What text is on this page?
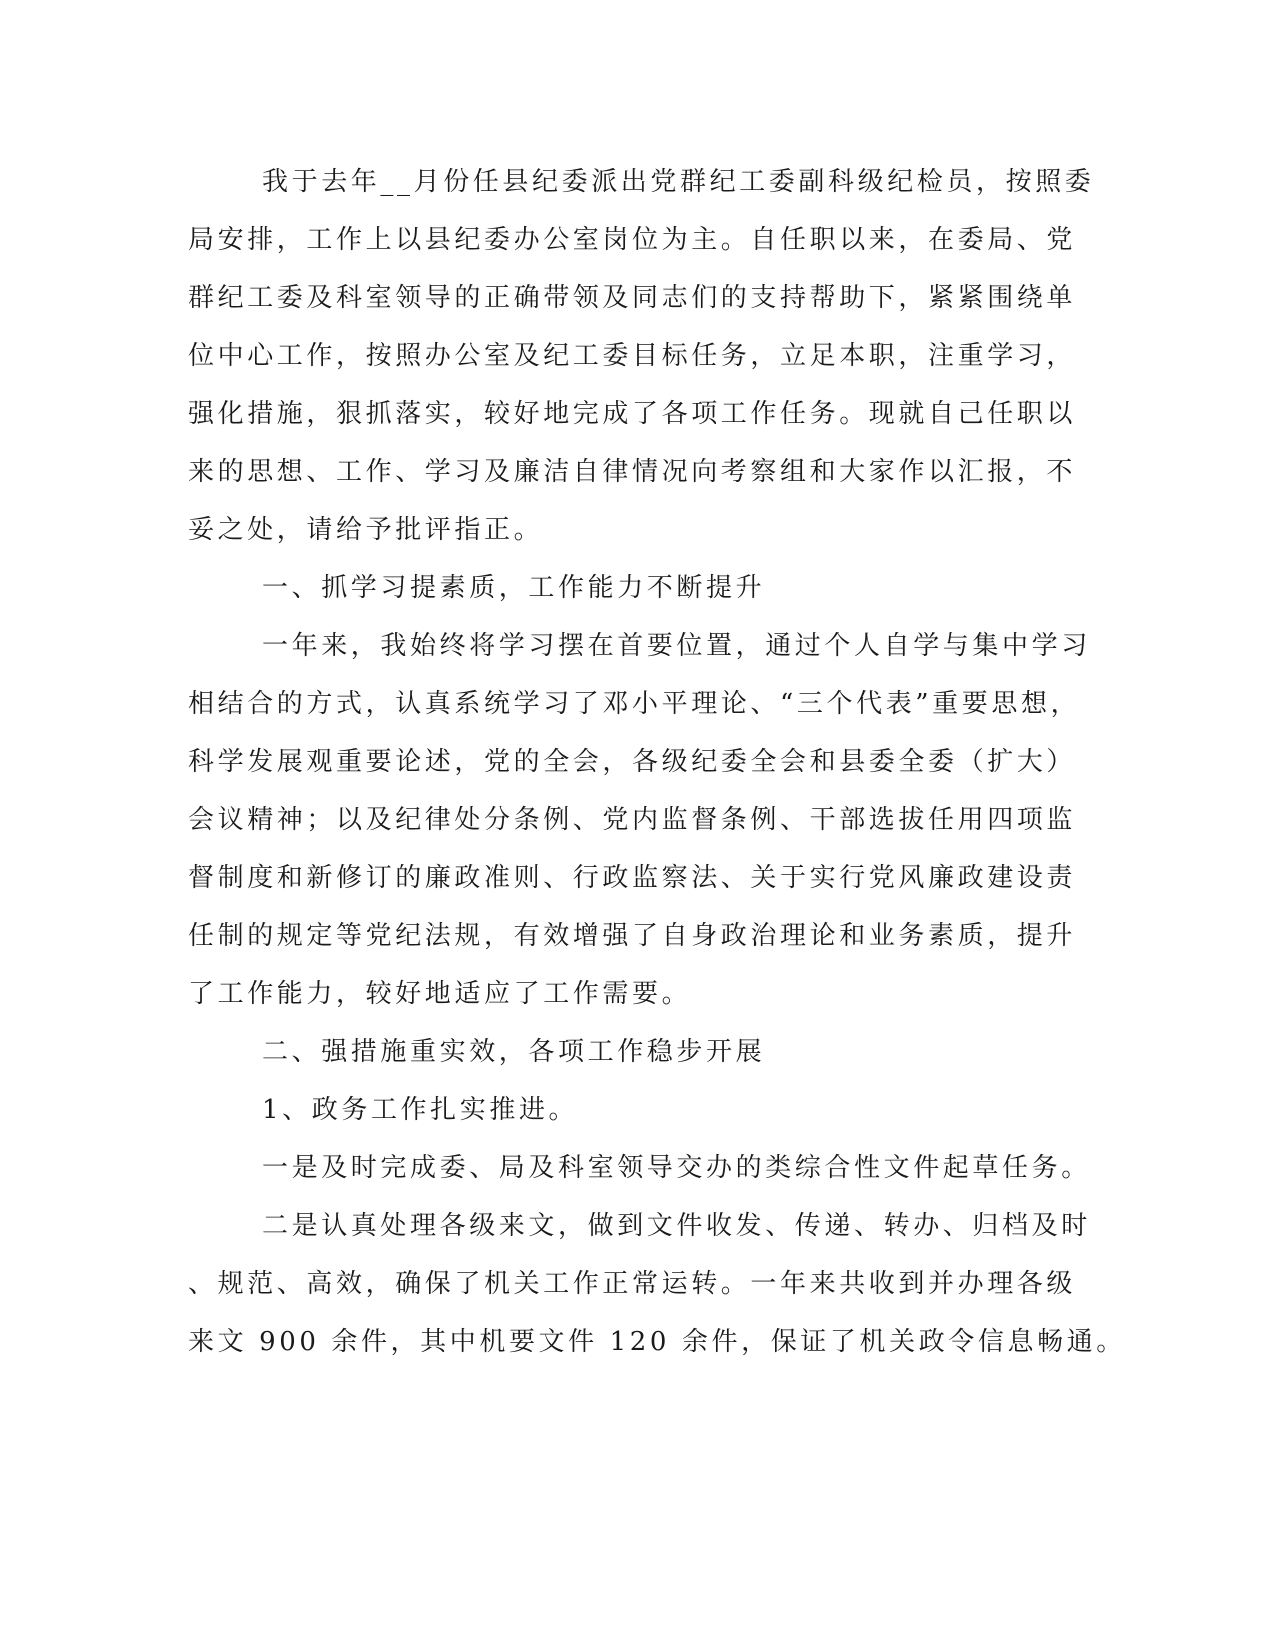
我于去年__月份任县纪委派出党群纪工委副科级纪检员，按照委
局安排，工作上以县纪委办公室岗位为主。自任职以来，在委局、党
群纪工委及科室领导的正确带领及同志们的支持帮助下，紧紧围绕单
位中心工作，按照办公室及纪工委目标任务，立足本职，注重学习，
强化措施，狠抓落实，较好地完成了各项工作任务。现就自己任职以
来的思想、工作、学习及廉洁自律情况向考察组和大家作以汇报，不
妥之处，请给予批评指正。
一、抓学习提素质，工作能力不断提升
一年来，我始终将学习摆在首要位置，通过个人自学与集中学习
相结合的方式，认真系统学习了邓小平理论、“三个代表”重要思想，
科学发展观重要论述，党的全会，各级纪委全会和县委全委（扩大）
会议精神；以及纪律处分条例、党内监督条例、干部选拔任用四项监
督制度和新修订的廉政准则、行政监察法、关于实行党风廉政建设责
任制的规定等党纪法规，有效增强了自身政治理论和业务素质，提升
了工作能力，较好地适应了工作需要。
二、强措施重实效，各项工作稳步开展
1、政务工作扎实推进。
一是及时完成委、局及科室领导交办的类综合性文件起草任务。
二是认真处理各级来文，做到文件收发、传递、转办、归档及时
、规范、高效，确保了机关工作正常运转。一年来共收到并办理各级
来文 900 余件，其中机要文件 120 余件，保证了机关政令信息畅通。
